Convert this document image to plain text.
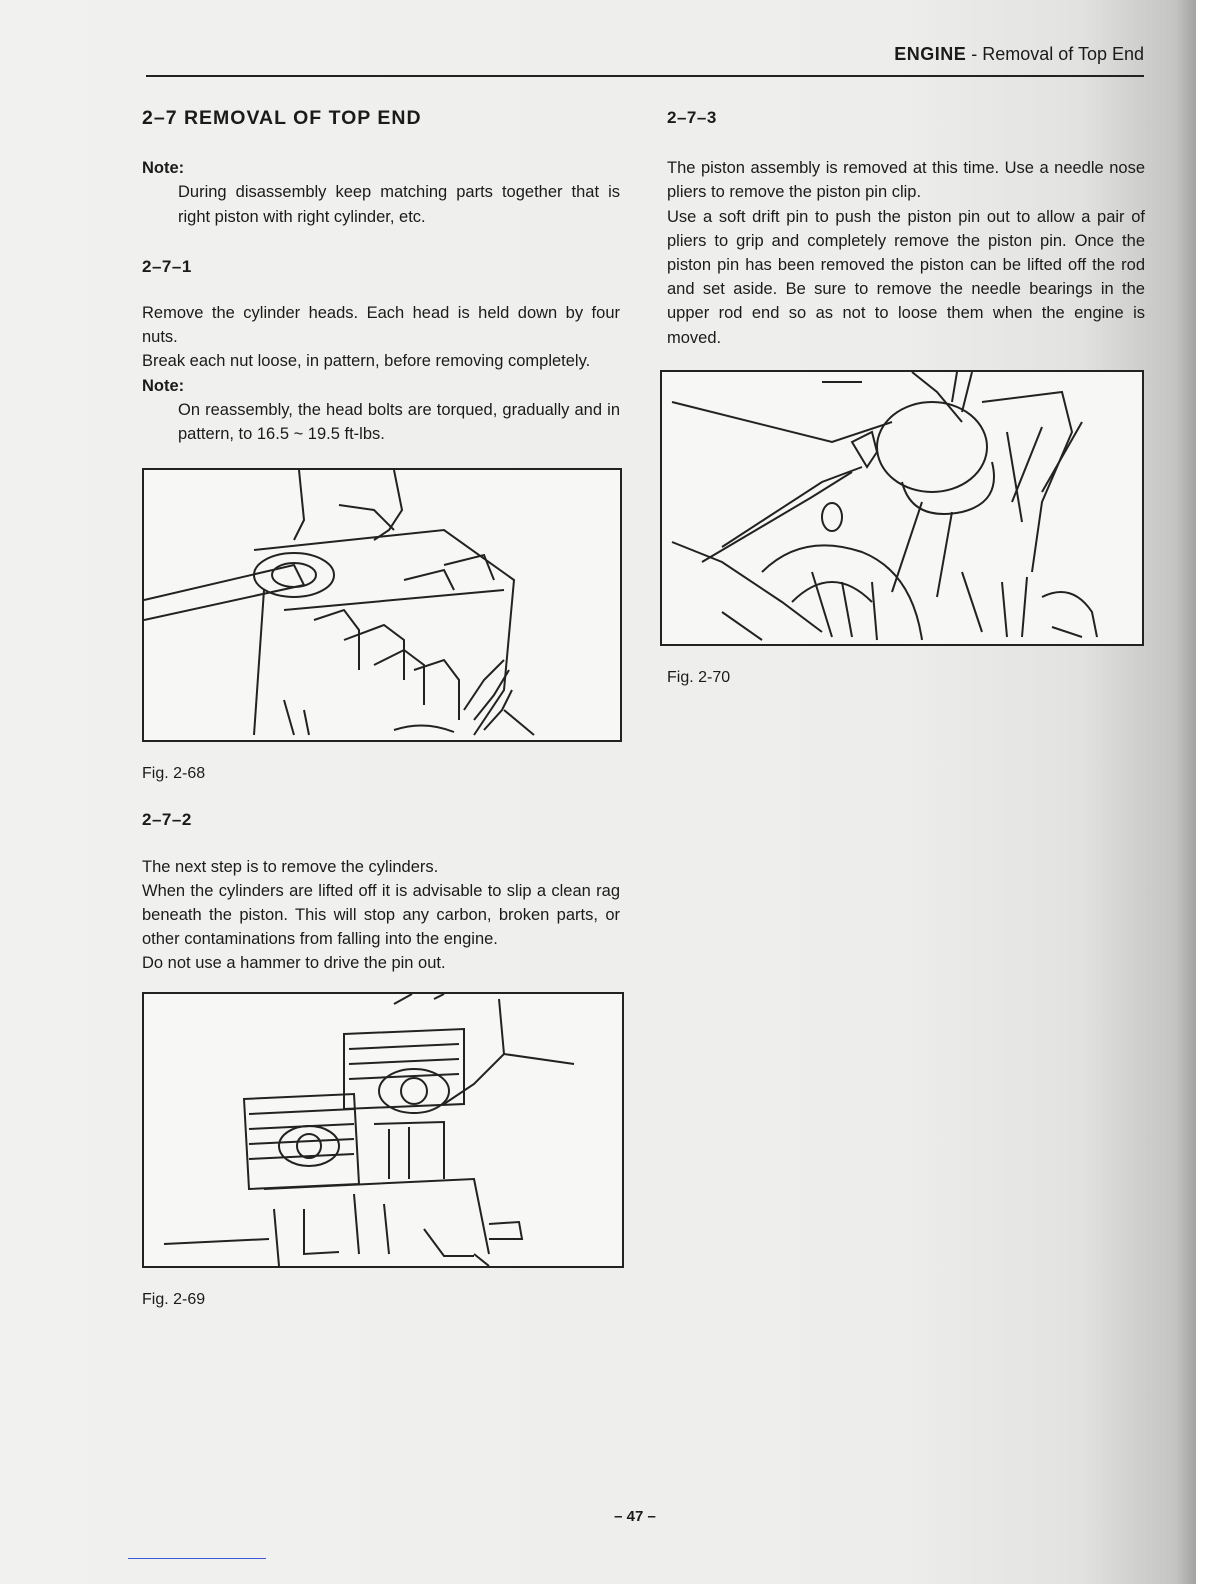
ENGINE - Removal of Top End
2–7 REMOVAL OF TOP END

Note:

During disassembly keep matching parts together that is right piston with right cylinder, etc.

2–7–1

Remove the cylinder heads. Each head is held down by four nuts.

Break each nut loose, in pattern, before removing completely.

Note:

On reassembly, the head bolts are torqued, gradually and in pattern, to 16.5 ~ 19.5 ft-lbs.

Fig. 2-68

2–7–2

The next step is to remove the cylinders.

When the cylinders are lifted off it is advisable to slip a clean rag beneath the piston. This will stop any carbon, broken parts, or other contaminations from falling into the engine.

Do not use a hammer to drive the pin out.

Fig. 2-69

2–7–3

The piston assembly is removed at this time. Use a needle nose pliers to remove the piston pin clip.

Use a soft drift pin to push the piston pin out to allow a pair of pliers to grip and completely remove the piston pin. Once the piston pin has been removed the piston can be lifted off the rod and set aside. Be sure to remove the needle bearings in the upper rod end so as not to loose them when the engine is moved.

Fig. 2-70

– 47 –
